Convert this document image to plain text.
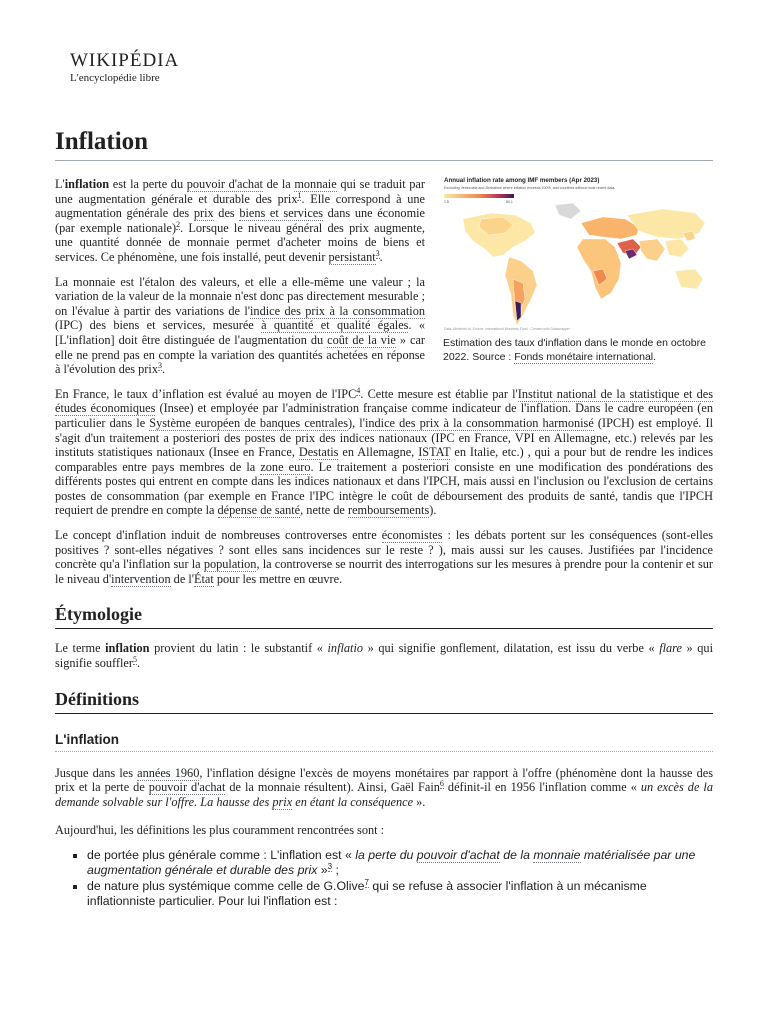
WIKIPÉDIA
L'encyclopédie libre
Inflation
Annual inflation rate among IMF members (Apr 2023)
Excluding Venezuela and Zimbabwe where inflation exceeds 100%, and countries without most recent data.
1.8	80.1
Data: Abhishek.tri, Source: International Monetary Fund · Created with Datawrapper
Estimation des taux d'inflation dans le monde en octobre 2022. Source : Fonds monétaire international.

L'inflation est la perte du pouvoir d'achat de la monnaie qui se traduit par une augmentation générale et durable des prix$^1$. Elle correspond à une augmentation générale des prix des biens et services dans une économie (par exemple nationale)$^2$. Lorsque le niveau général des prix augmente, une quantité donnée de monnaie permet d'acheter moins de biens et services. Ce phénomène, une fois installé, peut devenir persistant$^3$.

La monnaie est l'étalon des valeurs, et elle a elle-même une valeur ; la variation de la valeur de la monnaie n'est donc pas directement mesurable ; on l'évalue à partir des variations de l'indice des prix à la consommation (IPC) des biens et services, mesurée à quantité et qualité égales. « [L'inflation] doit être distinguée de l'augmentation du coût de la vie » car elle ne prend pas en compte la variation des quantités achetées en réponse à l'évolution des prix$^3$.

En France, le taux d’inflation est évalué au moyen de l'IPC$^4$. Cette mesure est établie par l'Institut national de la statistique et des études économiques (Insee) et employée par l'administration française comme indicateur de l'inflation. Dans le cadre européen (en particulier dans le Système européen de banques centrales), l'indice des prix à la consommation harmonisé (IPCH) est employé. Il s'agit d'un traitement a posteriori des postes de prix des indices nationaux (IPC en France, VPI en Allemagne, etc.) relevés par les instituts statistiques nationaux (Insee en France, Destatis en Allemagne, ISTAT en Italie, etc.) , qui a pour but de rendre les indices comparables entre pays membres de la zone euro. Le traitement a posteriori consiste en une modification des pondérations des différents postes qui entrent en compte dans les indices nationaux et dans l'IPCH, mais aussi en l'inclusion ou l'exclusion de certains postes de consommation (par exemple en France l'IPC intègre le coût de déboursement des produits de santé, tandis que l'IPCH requiert de prendre en compte la dépense de santé, nette de remboursements).

Le concept d'inflation induit de nombreuses controverses entre économistes : les débats portent sur les conséquences (sont-elles positives ? sont-elles négatives ? sont elles sans incidences sur le reste ? ), mais aussi sur les causes. Justifiées par l'incidence concrète qu'a l'inflation sur la population, la controverse se nourrit des interrogations sur les mesures à prendre pour la contenir et sur le niveau d'intervention de l'État pour les mettre en œuvre.

Étymologie

Le terme inflation provient du latin : le substantif « inflatio » qui signifie gonflement, dilatation, est issu du verbe « flare » qui signifie souffler$^5$.

Définitions
L'inflation

Jusque dans les années 1960, l'inflation désigne l'excès de moyens monétaires par rapport à l'offre (phénomène dont la hausse des prix et la perte de pouvoir d'achat de la monnaie résultent). Ainsi, Gaël Fain$^6$ définit-il en 1956 l'inflation comme « un excès de la demande solvable sur l'offre. La hausse des prix en étant la conséquence ».

Aujourd'hui, les définitions les plus couramment rencontrées sont :

▪ de portée plus générale comme : L'inflation est « la perte du pouvoir d'achat de la monnaie matérialisée par une augmentation générale et durable des prix »$^3$ ;
▪ de nature plus systémique comme celle de G.Olive$^7$ qui se refuse à associer l'inflation à un mécanisme inflationniste particulier. Pour lui l'inflation est :
